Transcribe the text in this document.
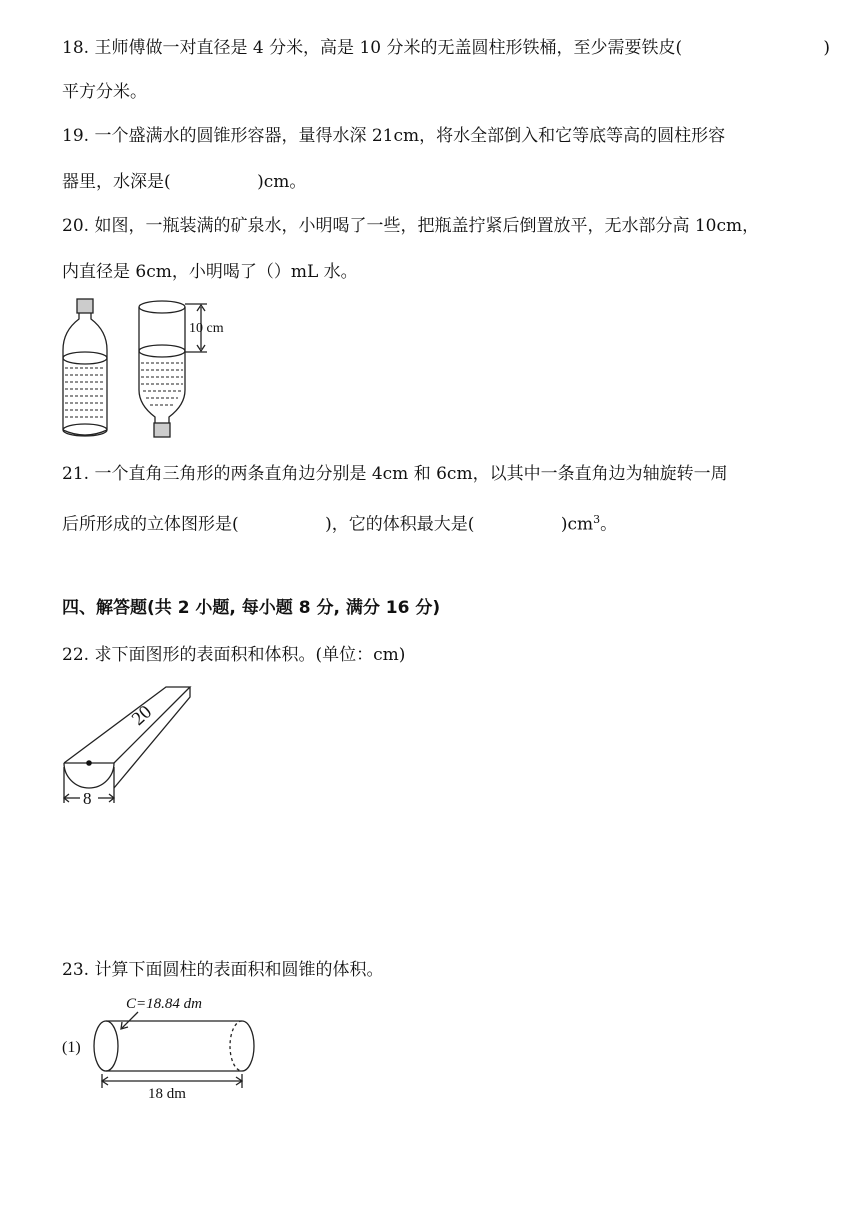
18. 王师傅做一对直径是 4 分米，高是 10 分米的无盖圆柱形铁桶，至少需要铁皮(	)
平方分米。
19. 一个盛满水的圆锥形容器，量得水深 21cm，将水全部倒入和它等底等高的圆柱形容
器里，水深是(                )cm。
20. 如图，一瓶装满的矿泉水，小明喝了一些，把瓶盖拧紧后倒置放平，无水部分高 10cm，
内直径是 6cm，小明喝了（）mL 水。
10 cm
21. 一个直角三角形的两条直角边分别是 4cm 和 6cm，以其中一条直角边为轴旋转一周
后所形成的立体图形是(                )，它的体积最大是(                )$cm^3$。
四、解答题(共 2 小题, 每小题 8 分, 满分 16 分)
22. 求下面图形的表面积和体积。(单位：cm)
20
8
23. 计算下面圆柱的表面积和圆锥的体积。
(1)
C=18.84 dm
18 dm
